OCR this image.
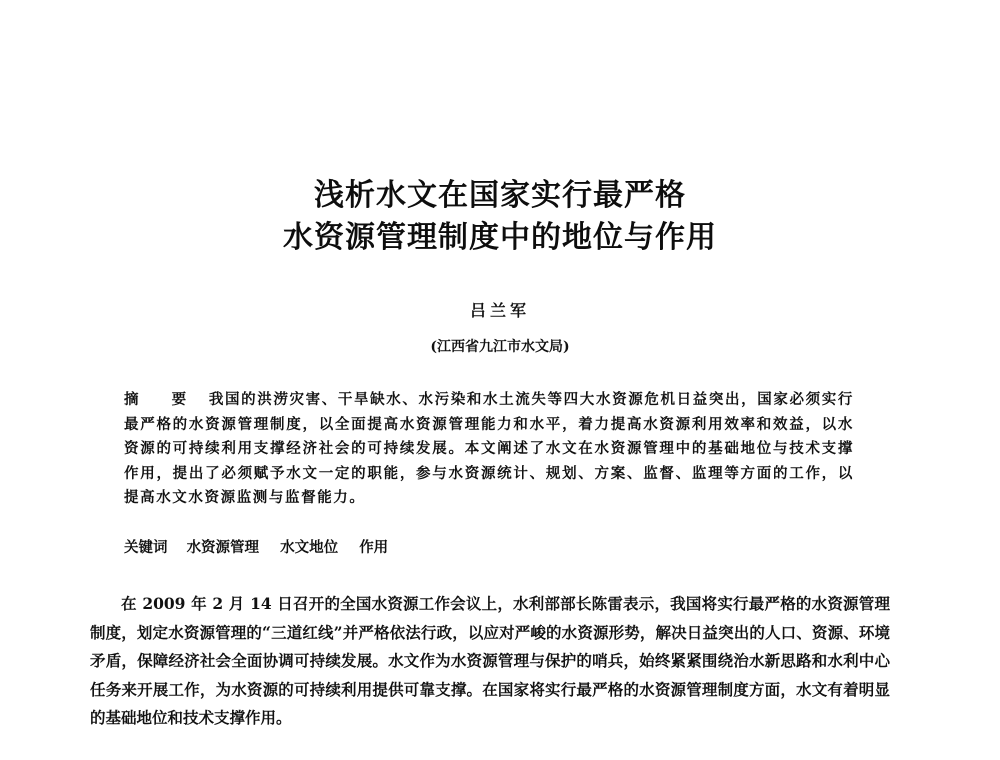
浅析水文在国家实行最严格
水资源管理制度中的地位与作用
吕兰军
(江西省九江市水文局)
摘 要 我国的洪涝灾害、干旱缺水、水污染和水土流失等四大水资源危机日益突出，国家必须实行最严格的水资源管理制度，以全面提高水资源管理能力和水平，着力提高水资源利用效率和效益，以水资源的可持续利用支撑经济社会的可持续发展。本文阐述了水文在水资源管理中的基础地位与技术支撑作用，提出了必须赋予水文一定的职能，参与水资源统计、规划、方案、监督、监理等方面的工作，以提高水文水资源监测与监督能力。
关键词 水资源管理 水文地位 作用
在 2009 年 2 月 14 日召开的全国水资源工作会议上，水利部部长陈雷表示，我国将实行最严格的水资源管理制度，划定水资源管理的“三道红线”并严格依法行政，以应对严峻的水资源形势，解决日益突出的人口、资源、环境矛盾，保障经济社会全面协调可持续发展。水文作为水资源管理与保护的哨兵，始终紧紧围绕治水新思路和水利中心任务来开展工作，为水资源的可持续利用提供可靠支撑。在国家将实行最严格的水资源管理制度方面，水文有着明显的基础地位和技术支撑作用。
